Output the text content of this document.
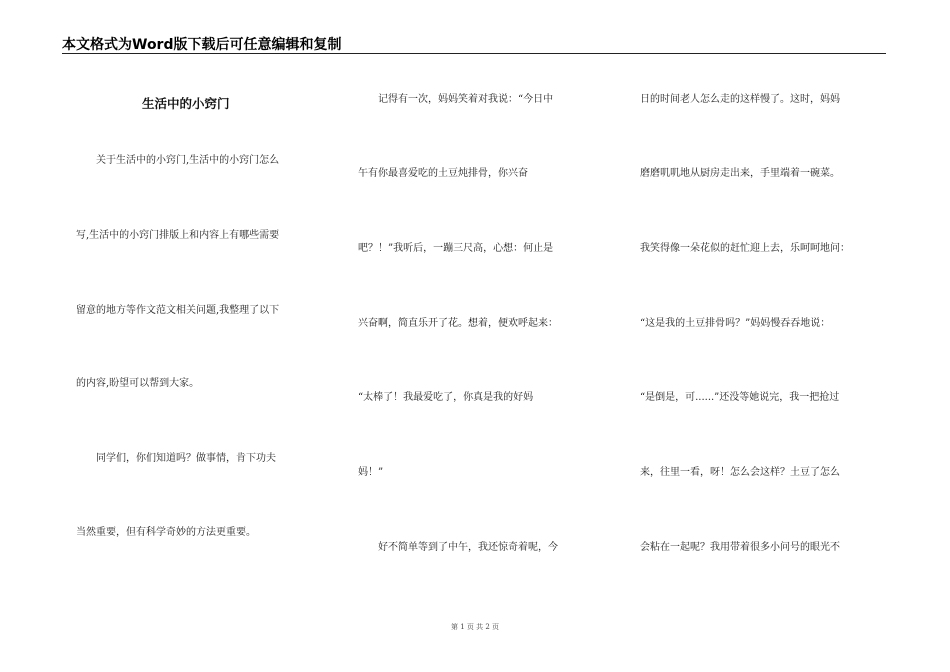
本文格式为Word版下载后可任意编辑和复制
生活中的小窍门
　　关于生活中的小窍门,生活中的小窍门怎么
写,生活中的小窍门排版上和内容上有哪些需要
留意的地方等作文范文相关问题,我整理了以下
的内容,盼望可以帮到大家。
　　同学们，你们知道吗？做事情，肯下功夫
当然重要，但有科学奇妙的方法更重要。
　　记得有一次，妈妈笑着对我说：“今日中
午有你最喜爱吃的土豆炖排骨，你兴奋
吧？！”我听后，一蹦三尺高，心想：何止是
兴奋啊，简直乐开了花。想着，便欢呼起来：
“太棒了！我最爱吃了，你真是我的好妈
妈！”
　　好不简单等到了中午，我还惊奇着呢，今
日的时间老人怎么走的这样慢了。这时，妈妈
磨磨叽叽地从厨房走出来，手里端着一碗菜。
我笑得像一朵花似的赶忙迎上去，乐呵呵地问：
“这是我的土豆排骨吗？”妈妈慢吞吞地说：
“是倒是，可......”还没等她说完，我一把抢过
来，往里一看，呀！怎么会这样？土豆了怎么
会粘在一起呢？我用带着很多小问号的眼光不
第 1 页 共 2 页
